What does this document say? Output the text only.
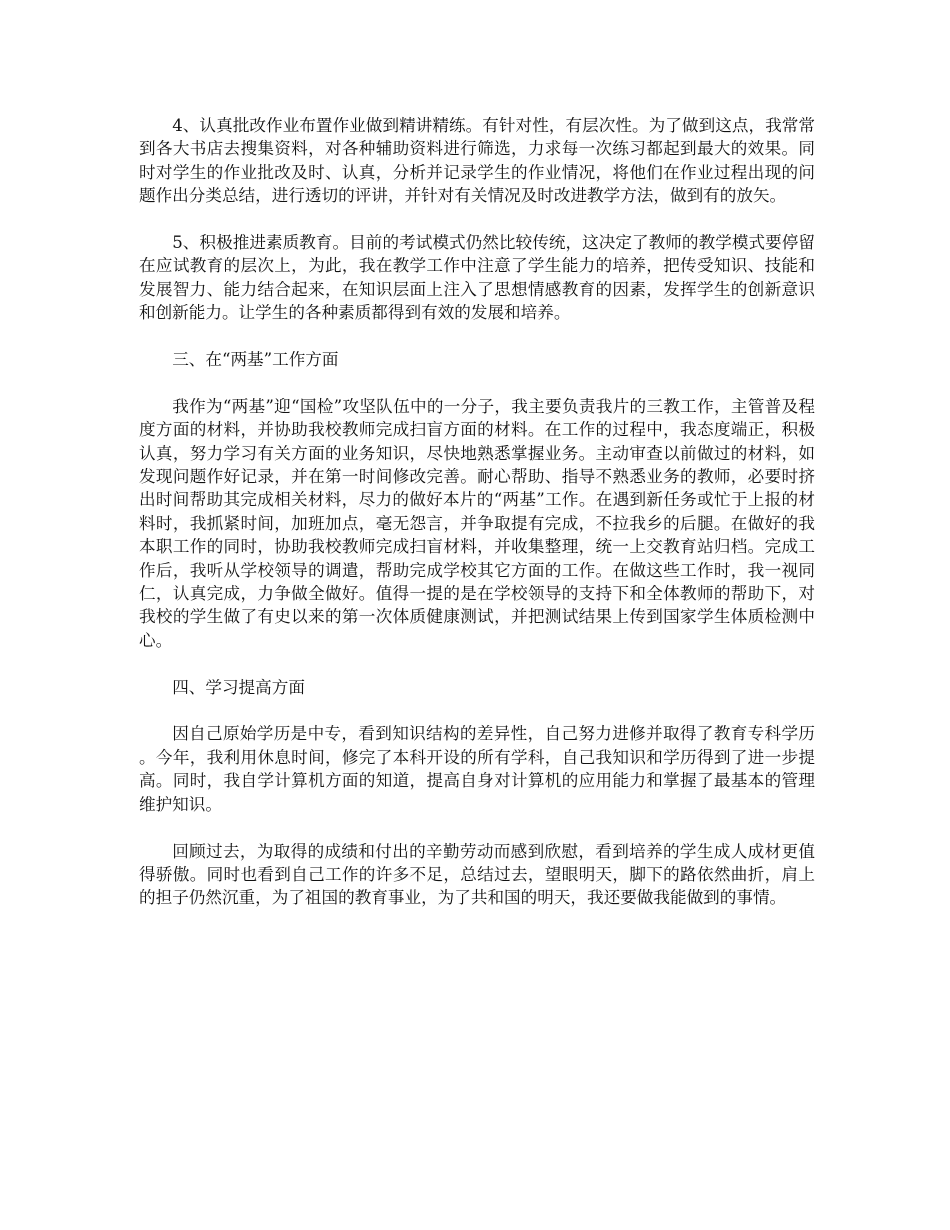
4、认真批改作业布置作业做到精讲精练。有针对性，有层次性。为了做到这点，我常常到各大书店去搜集资料，对各种辅助资料进行筛选，力求每一次练习都起到最大的效果。同时对学生的作业批改及时、认真，分析并记录学生的作业情况，将他们在作业过程出现的问题作出分类总结，进行透切的评讲，并针对有关情况及时改进教学方法，做到有的放矢。

5、积极推进素质教育。目前的考试模式仍然比较传统，这决定了教师的教学模式要停留在应试教育的层次上，为此，我在教学工作中注意了学生能力的培养，把传受知识、技能和发展智力、能力结合起来，在知识层面上注入了思想情感教育的因素，发挥学生的创新意识和创新能力。让学生的各种素质都得到有效的发展和培养。

三、在“两基”工作方面

我作为“两基”迎“国检”攻坚队伍中的一分子，我主要负责我片的三教工作，主管普及程度方面的材料，并协助我校教师完成扫盲方面的材料。在工作的过程中，我态度端正，积极认真，努力学习有关方面的业务知识，尽快地熟悉掌握业务。主动审查以前做过的材料，如发现问题作好记录，并在第一时间修改完善。耐心帮助、指导不熟悉业务的教师，必要时挤出时间帮助其完成相关材料，尽力的做好本片的“两基”工作。在遇到新任务或忙于上报的材料时，我抓紧时间，加班加点，毫无怨言，并争取提有完成，不拉我乡的后腿。在做好的我本职工作的同时，协助我校教师完成扫盲材料，并收集整理，统一上交教育站归档。完成工作后，我听从学校领导的调遣，帮助完成学校其它方面的工作。在做这些工作时，我一视同仁，认真完成，力争做全做好。值得一提的是在学校领导的支持下和全体教师的帮助下，对我校的学生做了有史以来的第一次体质健康测试，并把测试结果上传到国家学生体质检测中心。

四、学习提高方面

因自己原始学历是中专，看到知识结构的差异性，自己努力进修并取得了教育专科学历。今年，我利用休息时间，修完了本科开设的所有学科，自己我知识和学历得到了进一步提高。同时，我自学计算机方面的知道，提高自身对计算机的应用能力和掌握了最基本的管理维护知识。

回顾过去，为取得的成绩和付出的辛勤劳动而感到欣慰，看到培养的学生成人成材更值得骄傲。同时也看到自己工作的许多不足，总结过去，望眼明天，脚下的路依然曲折，肩上的担子仍然沉重，为了祖国的教育事业，为了共和国的明天，我还要做我能做到的事情。
